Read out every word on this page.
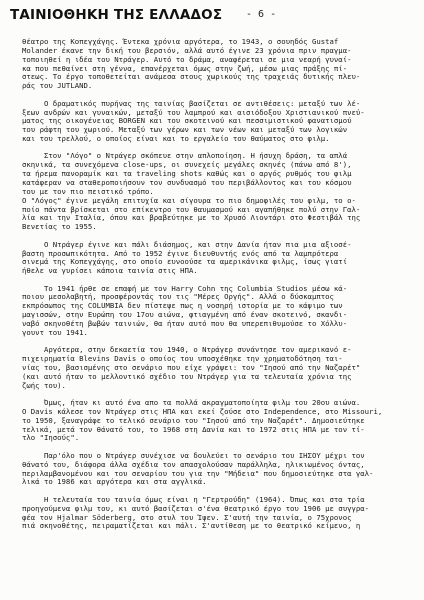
ΤΑΙΝΙΟΘΗΚΗ ΤΗΣ ΕΛΛΑΔΟΣ - 6 -
θέατρο της Κοπεγχάγης. Έντεκα χρόνια αργότερα, το 1943, ο σουηδός Gustaf
Molander έκανε την δική του βερσιόν, αλλά αυτό έγινε 23 χρόνια πριν πραγμα-
τοποιηθεί η ιδέα του Ντράγερ. Αυτό το δράμα, αναφέρεται σε μια νεαρή γυναί-
κα που πεθαίνει στη γέννα, επανέρχεται όμως στην ζωή, μέσω μιας πράξης πί-
στεως. Το έργο τοποθετείται ανάμεσα στους χωρικούς της τραχειάς δυτικής πλευ-
ράς του JUTLAND.
Ο δραματικός πυρήνας της ταινίας βασίζεται σε αντιθέσεις: μεταξύ των λέ-
ξεων ανδρών και γυναικών, μεταξύ του λαμπρού και αισιόδοξου Χριστιανικού πνεύ-
ματος της οικογένειας BORGEN και του σκοτεινού και πεσσιμιστικού φανατισμού
του ράφτη του χωριού. Μεταξύ των γέρων και των νέων και μεταξύ των λογικών
και του τρελλού, ο οποίος είναι και το εργαλείο του θαύματος στο φιλμ.
Στον "Λόγο" ο Ντράγερ σκόπευε στην απλοποίηση. Η ήσυχη δράση, τα απλά
σκηνικά, τα συνεχόμενα close-ups, οι συνεχείς μεγάλες σκηνές (πάνω από 8'),
τα ήρεμα πανοραμίκ και τα traveling shots καθώς και ο αργός ρυθμός του φιλμ
κατάφεραν να σταθεροποιήσουν τον συνδυασμό του περιβάλλοντος και του κόσμου
του με τον πιο πειστικό τρόπο.
Ο "Λόγος" έγινε μεγάλη επιτυχία και σίγουρα το πιο δημοφιλές του φιλμ, το ο-
ποίο πάντα βρίσκεται στο επίκεντρο του θαυμασμού και αγαπήθηκε πολύ στην Γαλ-
λία και την Ιταλία, όπου και βραβεύτηκε με το Χρυσό Λιοντάρι στο Φεστιβάλ της
Βενετίας το 1955.
Ο Ντράγερ έγινε και πάλι διάσημος, και στην Δανία ήταν πια μια αξιοσέ-
βαστη προσωπικότητα. Από το 1952 έγινε διευθυντής ενός από τα λαμπρότερα
σινεμά της Κοπεγχάγης, στο οποίο ευνοούσε τα αμερικάνικα φιλμς, ίσως γιατί
ήθελε να γυρίσει κάποια ταινία στις ΗΠΑ.
Το 1941 ήρθε σε επαφή με τον Harry Cohn της Columbia Studios μέσω κά-
ποιου μεσολαβητή, προσφέροντάς του τις "Μέρες Οργής". Αλλά ο δύσκαμπτος
εκπρόσωπος της COLUMBIA δεν πίστεψε πως η νοσηρή ιστορία με το κάψιμο των
μαγισσών, στην Ευρώπη του 17ου αιώνα, φτιαγμένη από έναν σκοτεινό, σκανδι-
ναβό σκηνοθέτη βωβών ταινιών, θα ήταν αυτό που θα υπερεπιθυμούσε το Χόλλυ-
γουντ του 1941.
Αργότερα, στην δεκαετία του 1940, ο Ντράγερ συνάντησε τον αμερικανό ε-
πιχειρηματία Blevins Davis ο οποίος του υποσχέθηκε την χρηματοδότηση ται-
νίας του, βασισμένης στο σενάριο που είχε γράψει: τον "Ιησού από την Ναζαρέτ"
(και αυτό ήταν το μελλοντικό σχέδιο του Ντράγερ για τα τελευταία χρόνια της
ζωής του).
Όμως, ήταν κι αυτό ένα απο τα πολλά ακραγματοποίητα φιλμ του 20ου αιώνα.
Ο Davis κάλεσε τον Ντράγερ στις ΗΠΑ και εκεί ζούσε στο Independence, στο Missouri,
το 1950, ξαναγράφε το τελικό σενάριο του "Ιησού από την Ναζαρέτ". Δημοσιεύτηκε
τελικά, μετά τον θάνατό του, το 1968 στη Δανία και το 1972 στις ΗΠΑ με τον τί-
τλο "Ιησούς".
Παρ'όλο που ο Ντράγερ συνέχισε να δουλεύει το σενάριο του ΙΗΣΟΥ μέχρι τον
θάνατό του, διάφορα άλλα σχέδια τον απασχολούσαν παράλληλα, ηλικιωμένος όντας,
περιλαμβανομένου και του σεναρίου του για την "Μήδεια" που δημοσιεύτηκε στα γαλ-
λικά το 1986 και αργότερα και στα αγγλικά.
Η τελευταία του ταινία όμως είναι η "Γερτρούδη" (1964). Όπως και στα τρία
προηγούμενα φιλμ του, κι αυτό βασίζεται σ'ένα θεατρικό έργο του 1906 με συγγρα-
φέα τον Hjalmar Söderberg, στο στυλ του Ίψεν. Σ'αυτή την ταινία, ο 75χρονος
πιά σκηνοθέτης, πειραματίζεται και πάλι. Σ'αντίθεση με το θεατρικό κείμενο, η
